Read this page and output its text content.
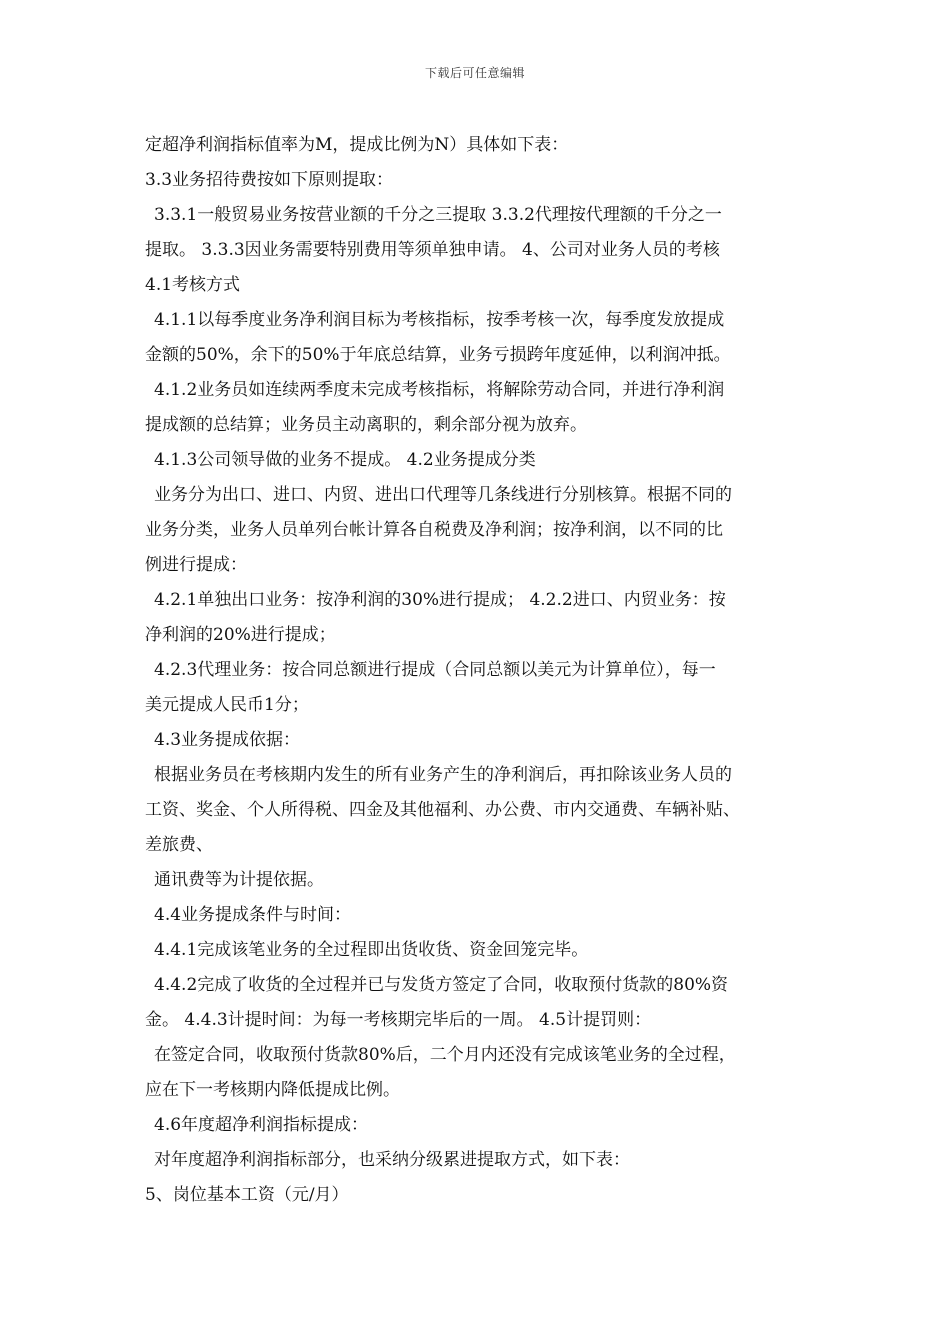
下载后可任意编辑
定超净利润指标值率为M，提成比例为N）具体如下表：
3.3业务招待费按如下原则提取：
3.3.1一般贸易业务按营业额的千分之三提取 3.3.2代理按代理额的千分之一
提取。 3.3.3因业务需要特别费用等须单独申请。 4、公司对业务人员的考核
4.1考核方式
4.1.1以每季度业务净利润目标为考核指标，按季考核一次，每季度发放提成
金额的50%，余下的50%于年底总结算，业务亏损跨年度延伸，以利润冲抵。
4.1.2业务员如连续两季度未完成考核指标，将解除劳动合同，并进行净利润
提成额的总结算；业务员主动离职的，剩余部分视为放弃。
4.1.3公司领导做的业务不提成。 4.2业务提成分类
业务分为出口、进口、内贸、进出口代理等几条线进行分别核算。根据不同的
业务分类，业务人员单列台帐计算各自税费及净利润；按净利润，以不同的比
例进行提成：
4.2.1单独出口业务：按净利润的30%进行提成； 4.2.2进口、内贸业务：按
净利润的20%进行提成；
4.2.3代理业务：按合同总额进行提成（合同总额以美元为计算单位），每一
美元提成人民币1分；
4.3业务提成依据：
根据业务员在考核期内发生的所有业务产生的净利润后，再扣除该业务人员的
工资、奖金、个人所得税、四金及其他福利、办公费、市内交通费、车辆补贴、
差旅费、
通讯费等为计提依据。
4.4业务提成条件与时间：
4.4.1完成该笔业务的全过程即出货收货、资金回笼完毕。
4.4.2完成了收货的全过程并已与发货方签定了合同，收取预付货款的80%资
金。 4.4.3计提时间：为每一考核期完毕后的一周。 4.5计提罚则：
在签定合同，收取预付货款80%后，二个月内还没有完成该笔业务的全过程，
应在下一考核期内降低提成比例。
4.6年度超净利润指标提成：
对年度超净利润指标部分，也采纳分级累进提取方式，如下表：
5、岗位基本工资（元/月）
